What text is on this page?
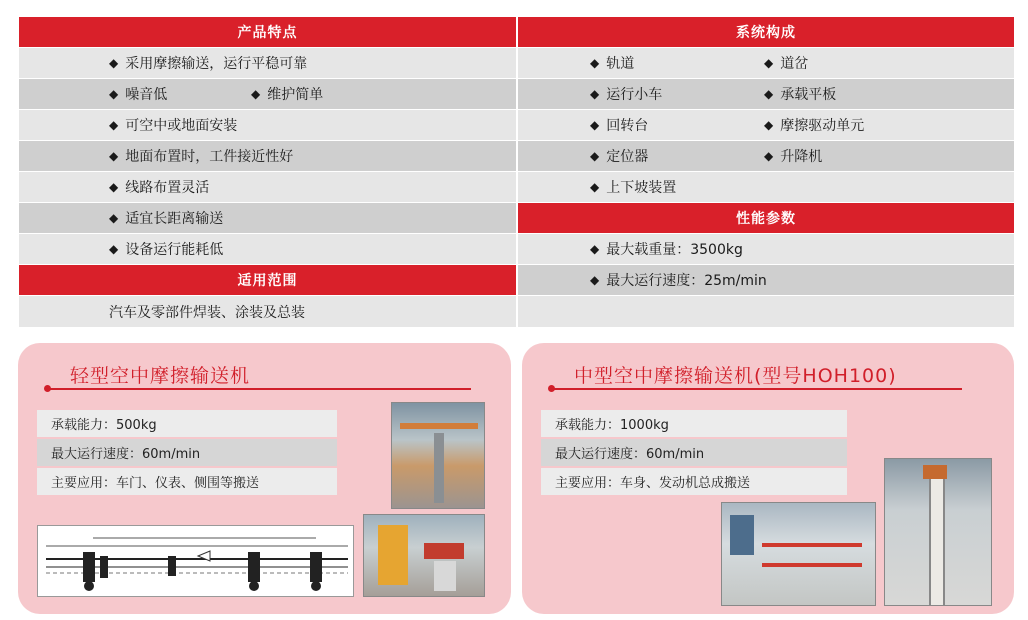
产品特点
◆ 采用摩擦输送，运行平稳可靠
◆ 噪音低	◆ 维护简单
◆ 可空中或地面安装
◆ 地面布置时，工件接近性好
◆ 线路布置灵活
◆ 适宜长距离输送
◆ 设备运行能耗低
适用范围
汽车及零部件焊装、涂装及总装
系统构成
◆ 轨道	◆ 道岔
◆ 运行小车	◆ 承载平板
◆ 回转台	◆ 摩擦驱动单元
◆ 定位器	◆ 升降机
◆ 上下坡装置
性能参数
◆ 最大载重量：3500kg
◆ 最大运行速度：25m/min
轻型空中摩擦输送机
承载能力：500kg
最大运行速度：60m/min
主要应用：车门、仪表、侧围等搬送
中型空中摩擦输送机(型号HOH100)
承载能力：1000kg
最大运行速度：60m/min
主要应用：车身、发动机总成搬送
